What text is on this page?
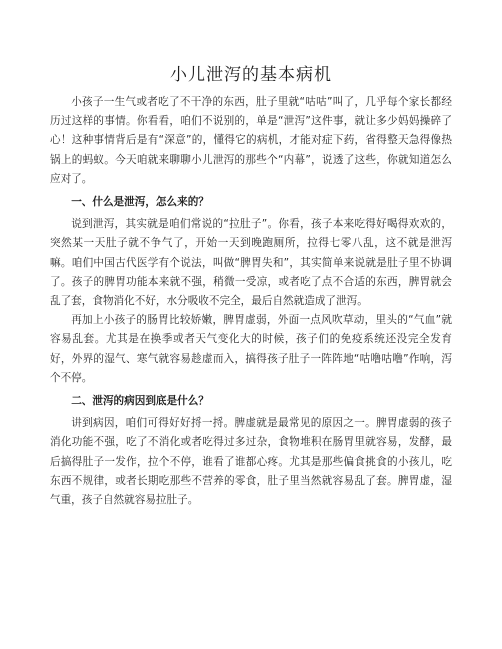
小儿泄泻的基本病机

小孩子一生气或者吃了不干净的东西，肚子里就“咕咕”叫了，几乎每个家长都经历过这样的事情。你看看，咱们不说别的，单是“泄泻”这件事，就让多少妈妈操碎了心！这种事情背后是有“深意”的，懂得它的病机，才能对症下药，省得整天急得像热锅上的蚂蚁。今天咱就来聊聊小儿泄泻的那些个“内幕”，说透了这些，你就知道怎么应对了。

一、什么是泄泻，怎么来的？

说到泄泻，其实就是咱们常说的“拉肚子”。你看，孩子本来吃得好喝得欢欢的，突然某一天肚子就不争气了，开始一天到晚跑厕所，拉得七零八乱，这不就是泄泻嘛。咱们中国古代医学有个说法，叫做“脾胃失和”，其实简单来说就是肚子里不协调了。孩子的脾胃功能本来就不强，稍微一受凉，或者吃了点不合适的东西，脾胃就会乱了套，食物消化不好，水分吸收不完全，最后自然就造成了泄泻。

再加上小孩子的肠胃比较娇嫩，脾胃虚弱，外面一点风吹草动，里头的“气血”就容易乱套。尤其是在换季或者天气变化大的时候，孩子们的免疫系统还没完全发育好，外界的湿气、寒气就容易趁虚而入，搞得孩子肚子一阵阵地“咕噜咕噜”作响，泻个不停。

二、泄泻的病因到底是什么？

讲到病因，咱们可得好好捋一捋。脾虚就是最常见的原因之一。脾胃虚弱的孩子消化功能不强，吃了不消化或者吃得过多过杂，食物堆积在肠胃里就容易，发酵，最后搞得肚子一发作，拉个不停，谁看了谁都心疼。尤其是那些偏食挑食的小孩儿，吃东西不规律，或者长期吃那些不营养的零食，肚子里当然就容易乱了套。脾胃虚，湿气重，孩子自然就容易拉肚子。
